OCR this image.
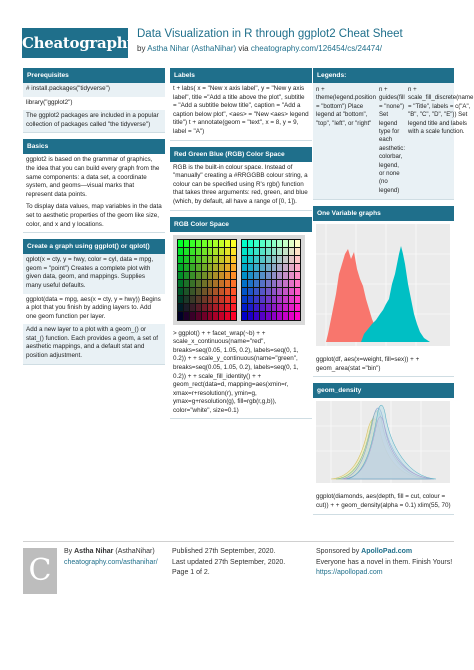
Cheatography Data Visualization in R through ggplot2 Cheat Sheet
by Astha Nihar (AsthaNihar) via cheatography.com/126454/cs/24474/
Prerequisites
# install.packages("tidyverse")
library("ggplot2")
The ggplot2 packages are included in a popular collection of packages called "the tidyverse")
Basics
ggplot2 is based on the grammar of graphics, the idea that you can build every graph from the same components: a data set, a coordinate system, and geoms—visual marks that represent data points.
To display data values, map variables in the data set to aesthetic properties of the geom like size, color, and x and y locations.
Create a graph using ggplot() or qplot()
qplot(x = cty, y = hwy, color = cyl, data = mpg, geom = "point") Creates a complete plot with given data, geom, and mappings. Supplies many useful defaults.
ggplot(data = mpg, aes(x = cty, y = hwy)) Begins a plot that you finish by adding layers to. Add one geom function per layer.
Add a new layer to a plot with a geom_() or stat_() function. Each provides a geom, a set of aesthetic mappings, and a default stat and position adjustment.
Labels
t + labs( x = "New x axis label", y = "New y axis label", title ="Add a title above the plot", subtitle = "Add a subtitle below title", caption = "Add a caption below plot", <aes> = "New <aes> legend title") t + annotate(geom = "text", x = 8, y = 9, label = "A")
Red Green Blue (RGB) Color Space
RGB is the built-in colour space. Instead of "manually" creating a #RRGGBB colour string, a colour can be specified using R's rgb() function that takes three arguments: red, green, and blue (which, by default, all have a range of [0, 1]).
RGB Color Space
> ggplot() + + facet_wrap(~b) + + scale_x_continuous(name="red", breaks=seq(0.05, 1.05, 0.2), labels=seq(0, 1, 0.2)) + + scale_y_continuous(name="green", breaks=seq(0.05, 1.05, 0.2), labels=seq(0, 1, 0.2)) + + scale_fill_identity() + + geom_rect(data=d, mapping=aes(xmin=r, xmax=r+resolution(r), ymin=g, ymax=g+resolution(g), fill=rgb(r,g,b)), color="white", size=0.1)
Legends:
n + theme(legend.position = "bottom") Place legend at "bottom", "top", "left", or "right"
n + guides(fill = "none") Set legend type for each aesthetic: colorbar, legend, or none (no legend)
n + scale_fill_discrete(name = "Title", labels = c("A", "B", "C", "D", "E")) Set legend title and labels with a scale function.
One Variable graphs
ggplot(df, aes(x=weight, fill=sex)) + + geom_area(stat ="bin")
geom_density
ggplot(diamonds, aes(depth, fill = cut, colour = cut)) + + geom_density(alpha = 0.1) xlim(55, 70)
C
By Astha Nihar (AsthaNihar)
cheatography.com/asthanihar/
Published 27th September, 2020.
Last updated 27th September, 2020.
Page 1 of 2.
Sponsored by ApolloPad.com
Everyone has a novel in them. Finish Yours!
https://apollopad.com
